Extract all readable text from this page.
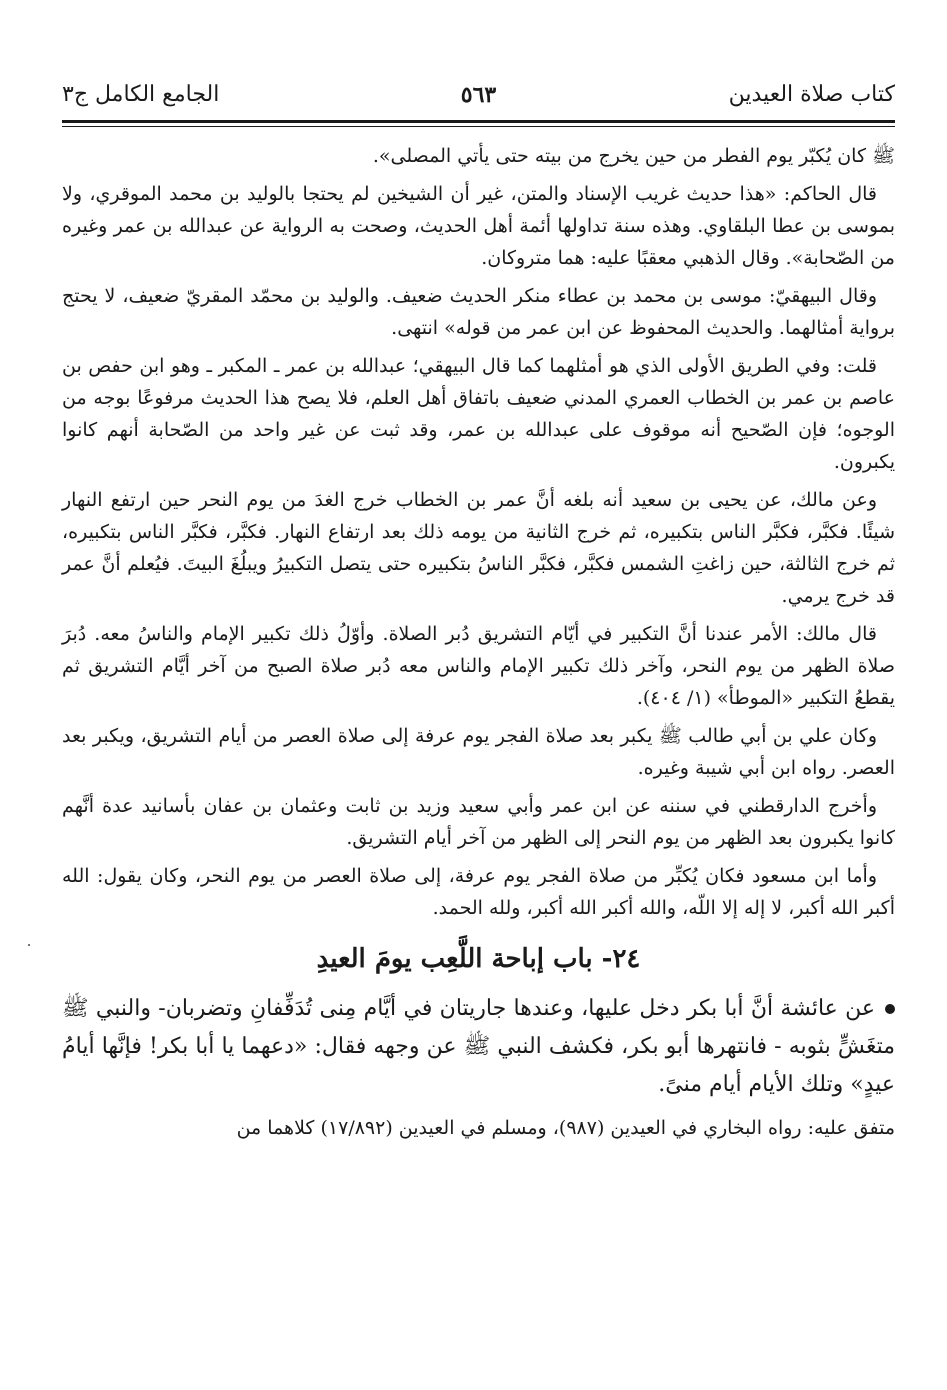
كتاب صلاة العيدين
٥٦٣
الجامع الكامل ج٣

ﷺ كان يُكبّر يوم الفطر من حين يخرج من بيته حتى يأتي المصلى».

قال الحاكم: «هذا حديث غريب الإسناد والمتن، غير أن الشيخين لم يحتجا بالوليد بن محمد الموقري، ولا بموسى بن عطا البلقاوي. وهذه سنة تداولها أئمة أهل الحديث، وصحت به الرواية عن عبدالله بن عمر وغيره من الصّحابة». وقال الذهبي معقبًا عليه: هما متروكان.

وقال البيهقيّ: موسى بن محمد بن عطاء منكر الحديث ضعيف. والوليد بن محمّد المقريّ ضعيف، لا يحتج برواية أمثالهما. والحديث المحفوظ عن ابن عمر من قوله» انتهى.

قلت: وفي الطريق الأولى الذي هو أمثلهما كما قال البيهقي؛ عبدالله بن عمر ـ المكبر ـ وهو ابن حفص بن عاصم بن عمر بن الخطاب العمري المدني ضعيف باتفاق أهل العلم، فلا يصح هذا الحديث مرفوعًا بوجه من الوجوه؛ فإن الصّحيح أنه موقوف على عبدالله بن عمر، وقد ثبت عن غير واحد من الصّحابة أنهم كانوا يكبرون.

وعن مالك، عن يحيى بن سعيد أنه بلغه أنَّ عمر بن الخطاب خرج الغدَ من يوم النحر حين ارتفع النهار شيئًا. فكبَّر، فكبَّر الناس بتكبيره، ثم خرج الثانية من يومه ذلك بعد ارتفاع النهار. فكبَّر، فكبَّر الناس بتكبيره، ثم خرج الثالثة، حين زاغتِ الشمس فكبَّر، فكبَّر الناسُ بتكبيره حتى يتصل التكبيرُ ويبلُغَ البيتَ. فيُعلم أنَّ عمر قد خرج يرمي.

قال مالك: الأمر عندنا أنَّ التكبير في أيّام التشريق دُبر الصلاة. وأوّلُ ذلك تكبير الإمام والناسُ معه. دُبرَ صلاة الظهر من يوم النحر، وآخر ذلك تكبير الإمام والناس معه دُبر صلاة الصبح من آخر أيَّام التشريق ثم يقطعُ التكبير «الموطأ» (١/ ٤٠٤).

وكان علي بن أبي طالب ﷺ يكبر بعد صلاة الفجر يوم عرفة إلى صلاة العصر من أيام التشريق، ويكبر بعد العصر. رواه ابن أبي شيبة وغيره.

وأخرج الدارقطني في سننه عن ابن عمر وأبي سعيد وزيد بن ثابت وعثمان بن عفان بأسانيد عدة أنَّهم كانوا يكبرون بعد الظهر من يوم النحر إلى الظهر من آخر أيام التشريق.

وأما ابن مسعود فكان يُكبِّر من صلاة الفجر يوم عرفة، إلى صلاة العصر من يوم النحر، وكان يقول: الله أكبر الله أكبر، لا إله إلا اللّه، والله أكبر الله أكبر، ولله الحمد.

٢٤- باب إباحة اللَّعِب يومَ العيدِ

عن عائشة أنَّ أبا بكر دخل عليها، وعندها جاريتان في أيَّام مِنى تُدَفِّفانِ وتضربان- والنبي ﷺ متغَشٍّ بثوبه - فانتهرها أبو بكر، فكشف النبي ﷺ عن وجهه فقال: «دعهما يا أبا بكر! فإنَّها أيامُ عيدٍ» وتلك الأيام أيام منىً.

متفق عليه: رواه البخاري في العيدين (٩٨٧)، ومسلم في العيدين (١٧/٨٩٢) كلاهما من
